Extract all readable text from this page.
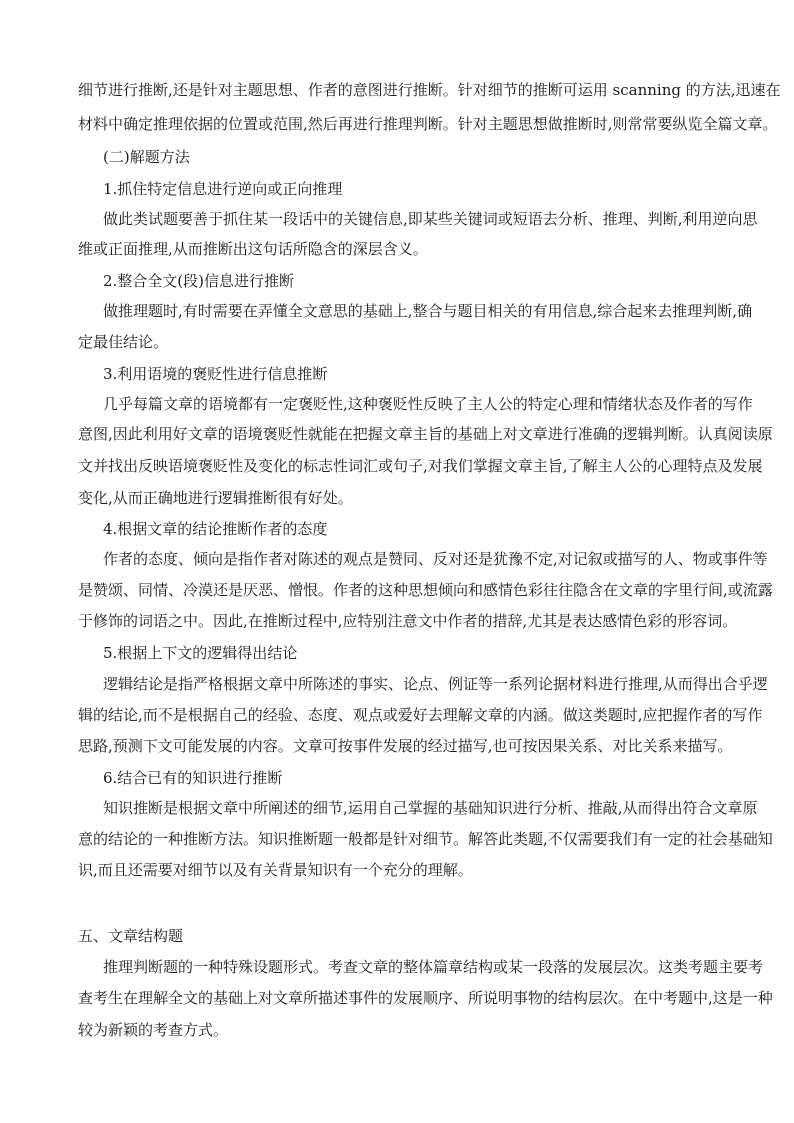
细节进行推断,还是针对主题思想、作者的意图进行推断。针对细节的推断可运用 scanning 的方法,迅速在
材料中确定推理依据的位置或范围,然后再进行推理判断。针对主题思想做推断时,则常常要纵览全篇文章。
(二)解题方法
1.抓住特定信息进行逆向或正向推理
做此类试题要善于抓住某一段话中的关键信息,即某些关键词或短语去分析、推理、判断,利用逆向思
维或正面推理,从而推断出这句话所隐含的深层含义。
2.整合全文(段)信息进行推断
做推理题时,有时需要在弄懂全文意思的基础上,整合与题目相关的有用信息,综合起来去推理判断,确
定最佳结论。
3.利用语境的褒贬性进行信息推断
几乎每篇文章的语境都有一定褒贬性,这种褒贬性反映了主人公的特定心理和情绪状态及作者的写作
意图,因此利用好文章的语境褒贬性就能在把握文章主旨的基础上对文章进行准确的逻辑判断。认真阅读原
文并找出反映语境褒贬性及变化的标志性词汇或句子,对我们掌握文章主旨,了解主人公的心理特点及发展
变化,从而正确地进行逻辑推断很有好处。
4.根据文章的结论推断作者的态度
作者的态度、倾向是指作者对陈述的观点是赞同、反对还是犹豫不定,对记叙或描写的人、物或事件等
是赞颂、同情、冷漠还是厌恶、憎恨。作者的这种思想倾向和感情色彩往往隐含在文章的字里行间,或流露
于修饰的词语之中。因此,在推断过程中,应特别注意文中作者的措辞,尤其是表达感情色彩的形容词。
5.根据上下文的逻辑得出结论
逻辑结论是指严格根据文章中所陈述的事实、论点、例证等一系列论据材料进行推理,从而得出合乎逻
辑的结论,而不是根据自己的经验、态度、观点或爱好去理解文章的内涵。做这类题时,应把握作者的写作
思路,预测下文可能发展的内容。文章可按事件发展的经过描写,也可按因果关系、对比关系来描写。
6.结合已有的知识进行推断
知识推断是根据文章中所阐述的细节,运用自己掌握的基础知识进行分析、推敲,从而得出符合文章原
意的结论的一种推断方法。知识推断题一般都是针对细节。解答此类题,不仅需要我们有一定的社会基础知
识,而且还需要对细节以及有关背景知识有一个充分的理解。
五、文章结构题
推理判断题的一种特殊设题形式。考查文章的整体篇章结构或某一段落的发展层次。这类考题主要考
查考生在理解全文的基础上对文章所描述事件的发展顺序、所说明事物的结构层次。在中考题中,这是一种
较为新颖的考查方式。
